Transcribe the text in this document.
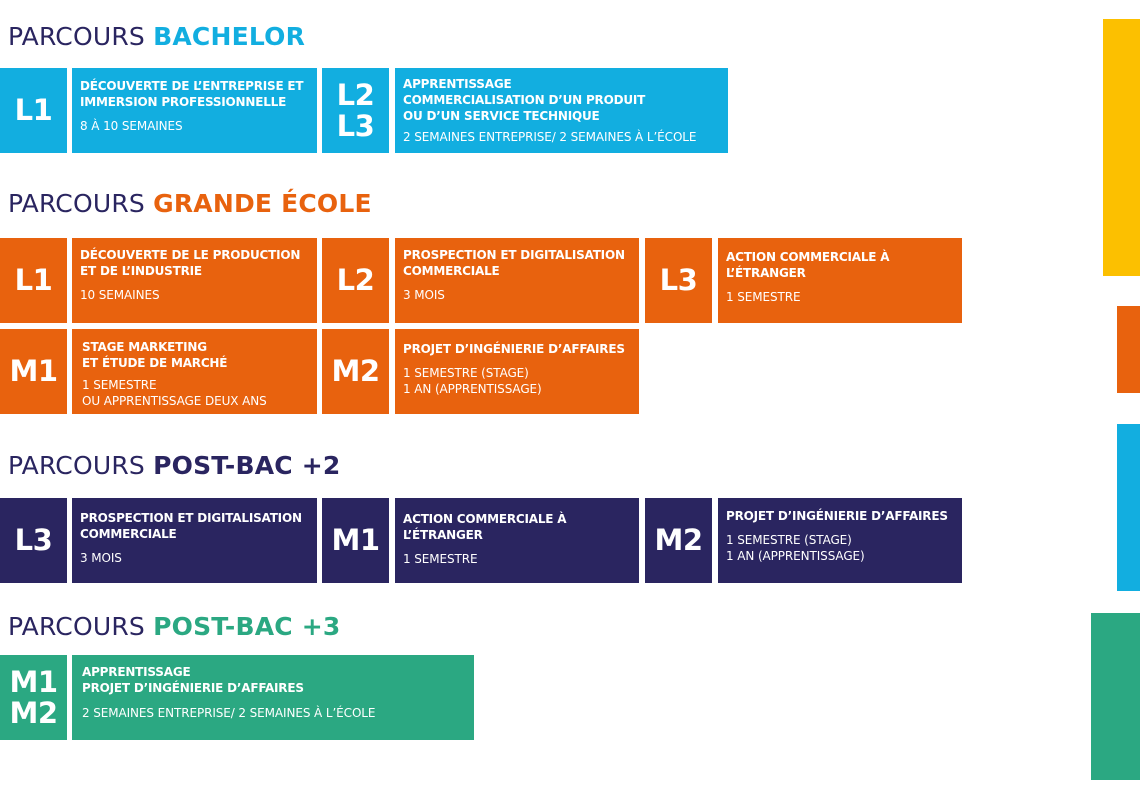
PARCOURS BACHELOR
L1
DÉCOUVERTE DE L’ENTREPRISE ET
IMMERSION PROFESSIONNELLE
8 À 10 SEMAINES
L2
L3
APPRENTISSAGE
COMMERCIALISATION D’UN PRODUIT
OU D’UN SERVICE TECHNIQUE
2 SEMAINES ENTREPRISE/ 2 SEMAINES À L’ÉCOLE
PARCOURS GRANDE ÉCOLE
L1
DÉCOUVERTE DE LE PRODUCTION
ET DE L’INDUSTRIE
10 SEMAINES	L2
PROSPECTION ET DIGITALISATION
COMMERCIALE
3 MOIS	L3
ACTION COMMERCIALE À L’ÉTRANGER
1 SEMESTRE
M1
STAGE MARKETING
ET ÉTUDE DE MARCHÉ
1 SEMESTRE
OU APPRENTISSAGE DEUX ANS
M2
PROJET D’INGÉNIERIE D’AFFAIRES
1 SEMESTRE (STAGE)
1 AN (APPRENTISSAGE)
PARCOURS POST-BAC +2
L3
PROSPECTION ET DIGITALISATION
COMMERCIALE
3 MOIS
M1
ACTION COMMERCIALE À L’ÉTRANGER
1 SEMESTRE
M2
PROJET D’INGÉNIERIE D’AFFAIRES
1 SEMESTRE (STAGE)
1 AN (APPRENTISSAGE)
PARCOURS POST-BAC +3
M1
M2
APPRENTISSAGE
PROJET D’INGÉNIERIE D’AFFAIRES
2 SEMAINES ENTREPRISE/ 2 SEMAINES À L’ÉCOLE
